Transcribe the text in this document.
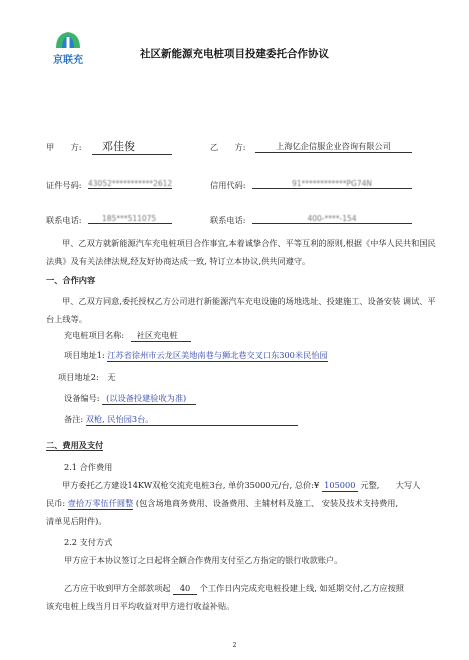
京联充
社区新能源充电桩项目投建委托合作协议
甲　　方:	邓佳俊	乙　　方:	上海亿企信服企业咨询有限公司
证件号码: 43052***********2612	信用代码:	91************PG74N
联系电话:	185***511075	联系电话:	400-****-154
甲、乙双方就新能源汽车充电桩项目合作事宜,本着诚挚合作、平等互利的原则,根据《中华人民共和国民法典》及有关法律法规,经友好协商达成一致, 特订立本协议,供共同遵守。
一、合作内容
甲、乙双方同意,委托授权乙方公司进行新能源汽车充电设施的场地选址、投建施工、设备安装 调试、平台上线等。
充电桩项目名称: 社区充电桩
项目地址1: 江苏省徐州市云龙区美地南巷与狮北巷交叉口东300米民怡园
项目地址2: 无
设备编号: (以设备投建验收为准)
备注: 双枪, 民怡园3台。
二、费用及支付
2.1 合作费用
甲方委托乙方建设14KW双枪交流充电桩3台, 单价35000元/台, 总价:¥ 105000 元整,　　大写人
民币: 壹拾万零伍仟圆整 (包含场地商务费用、设备费用、主辅材料及施工、 安装及技术支持费用,
清单见后附件)。
2.2 支付方式
甲方应于本协议签订之日起将全额合作费用支付至乙方指定的银行收款账户。
乙方应于收到甲方全部款项起 40 个工作日内完成充电桩投建上线, 如延期交付,乙方应按照
该充电桩上线当月日平均收益对甲方进行收益补贴。
2
